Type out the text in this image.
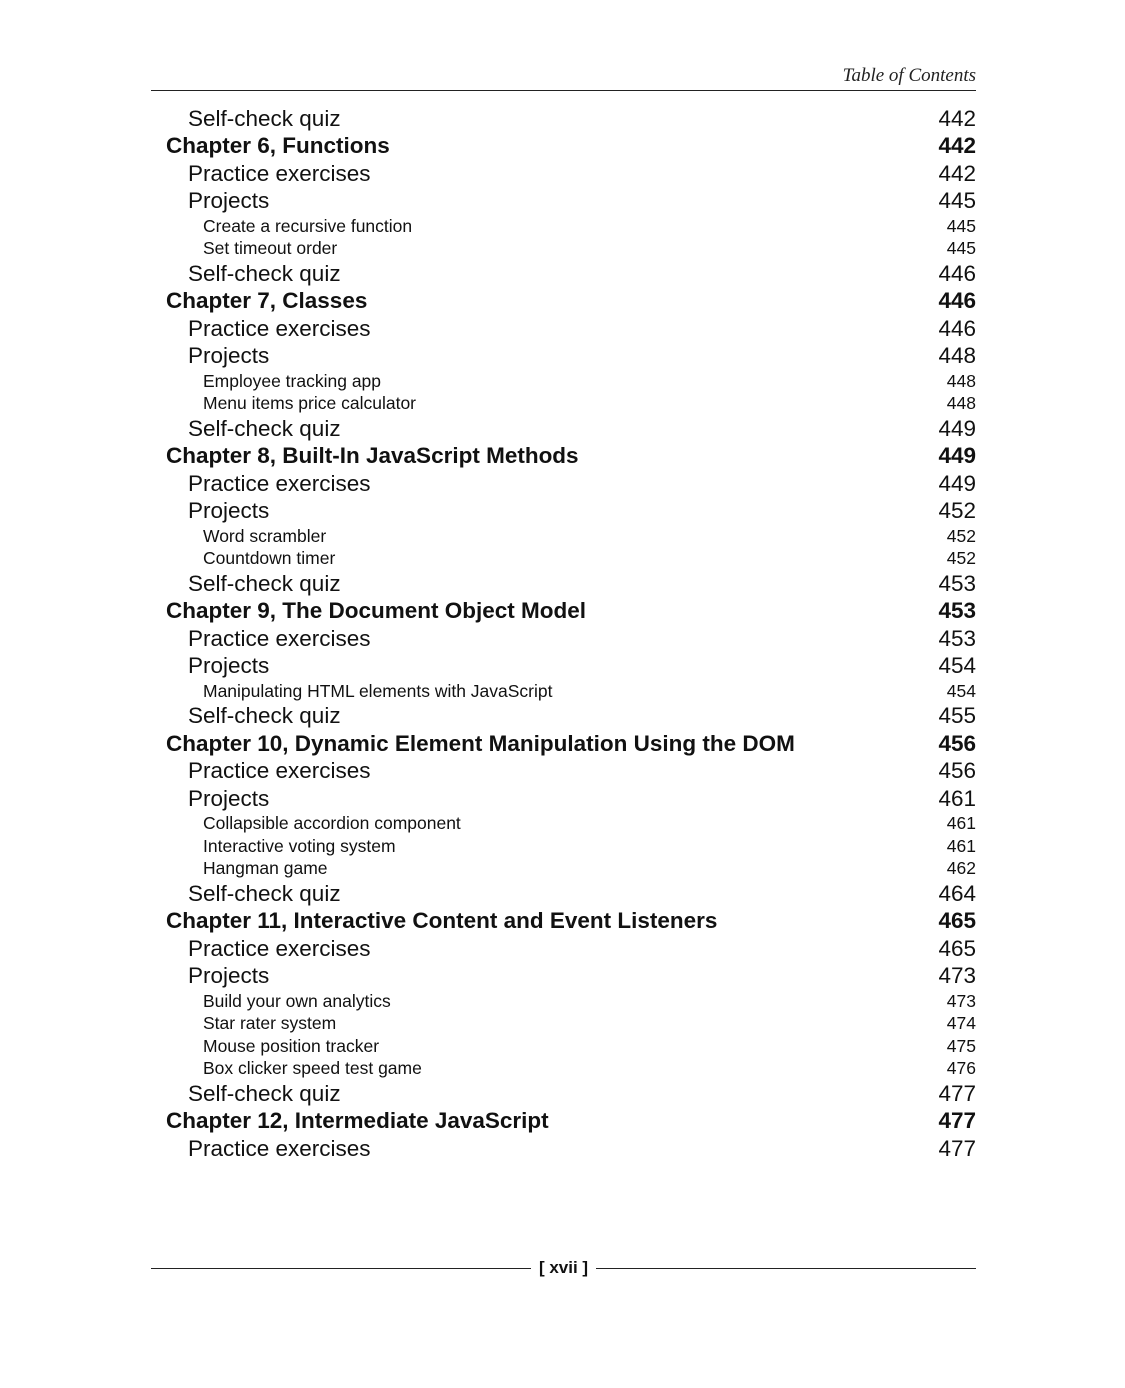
Table of Contents
Self-check quiz	442
Chapter 6, Functions	442
Practice exercises	442
Projects	445
Create a recursive function	445
Set timeout order	445
Self-check quiz	446
Chapter 7, Classes	446
Practice exercises	446
Projects	448
Employee tracking app	448
Menu items price calculator	448
Self-check quiz	449
Chapter 8, Built-In JavaScript Methods	449
Practice exercises	449
Projects	452
Word scrambler	452
Countdown timer	452
Self-check quiz	453
Chapter 9, The Document Object Model	453
Practice exercises	453
Projects	454
Manipulating HTML elements with JavaScript	454
Self-check quiz	455
Chapter 10, Dynamic Element Manipulation Using the DOM	456
Practice exercises	456
Projects	461
Collapsible accordion component	461
Interactive voting system	461
Hangman game	462
Self-check quiz	464
Chapter 11, Interactive Content and Event Listeners	465
Practice exercises	465
Projects	473
Build your own analytics	473
Star rater system	474
Mouse position tracker	475
Box clicker speed test game	476
Self-check quiz	477
Chapter 12, Intermediate JavaScript	477
Practice exercises	477
[ xvii ]
